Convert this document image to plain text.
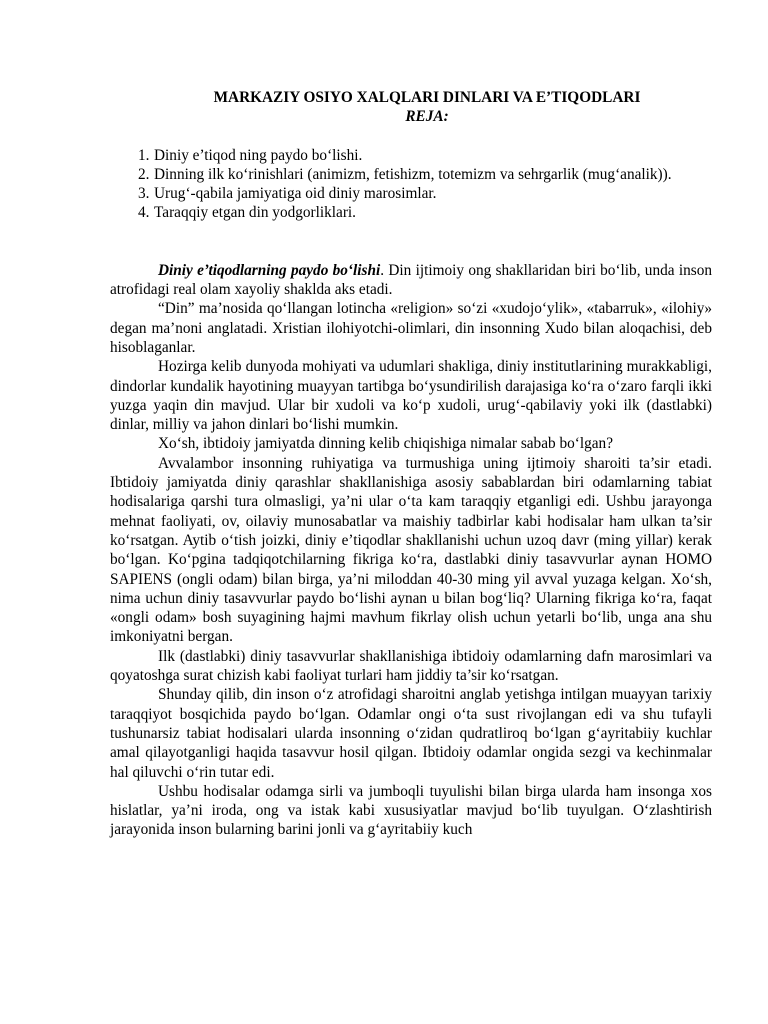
MARKAZIY OSIYO XALQLARI DINLARI VA E’TIQODLARI

REJA:

1. Diniy e’tiqod ning paydo bo‘lishi.
2. Dinning ilk ko‘rinishlari (animizm, fetishizm, totemizm va sehrgarlik (mug‘analik)).
3. Urug‘-qabila jamiyatiga oid diniy marosimlar.
4. Taraqqiy etgan din yodgorliklari.

Diniy e’tiqodlarning paydo bo‘lishi. Din ijtimoiy ong shakllaridan biri bo‘lib, unda inson atrofidagi real olam xayoliy shaklda aks etadi.

“Din” ma’nosida qo‘llangan lotincha «religion» so‘zi «xudojo‘ylik», «tabarruk», «ilohiy» degan ma’noni anglatadi. Xristian ilohiyotchi-olimlari, din insonning Xudo bilan aloqachisi, deb hisoblaganlar.

Hozirga kelib dunyoda mohiyati va udumlari shakliga, diniy institutlarining murakkabligi, dindorlar kundalik hayotining muayyan tartibga bo‘ysundirilish darajasiga ko‘ra o‘zaro farqli ikki yuzga yaqin din mavjud. Ular bir xudoli va ko‘p xudoli, urug‘-qabilaviy yoki ilk (dastlabki) dinlar, milliy va jahon dinlari bo‘lishi mumkin.

Xo‘sh, ibtidoiy jamiyatda dinning kelib chiqishiga nimalar sabab bo‘lgan?

Avvalambor insonning ruhiyatiga va turmushiga uning ijtimoiy sharoiti ta’sir etadi. Ibtidoiy jamiyatda diniy qarashlar shakllanishiga asosiy sabablardan biri odamlarning tabiat hodisalariga qarshi tura olmasligi, ya’ni ular o‘ta kam taraqqiy etganligi edi. Ushbu jarayonga mehnat faoliyati, ov, oilaviy munosabatlar va maishiy tadbirlar kabi hodisalar ham ulkan ta’sir ko‘rsatgan. Aytib o‘tish joizki, diniy e’tiqodlar shakllanishi uchun uzoq davr (ming yillar) kerak bo‘lgan. Ko‘pgina tadqiqotchilarning fikriga ko‘ra, dastlabki diniy tasavvurlar aynan HOMO SAPIENS (ongli odam) bilan birga, ya’ni miloddan 40-30 ming yil avval yuzaga kelgan. Xo‘sh, nima uchun diniy tasavvurlar paydo bo‘lishi aynan u bilan bog‘liq? Ularning fikriga ko‘ra, faqat «ongli odam» bosh suyagining hajmi mavhum fikrlay olish uchun yetarli bo‘lib, unga ana shu imkoniyatni bergan.

Ilk (dastlabki) diniy tasavvurlar shakllanishiga ibtidoiy odamlarning dafn marosimlari va qoyatoshga surat chizish kabi faoliyat turlari ham jiddiy ta’sir ko‘rsatgan.

Shunday qilib, din inson o‘z atrofidagi sharoitni anglab yetishga intilgan muayyan tarixiy taraqqiyot bosqichida paydo bo‘lgan. Odamlar ongi o‘ta sust rivojlangan edi va shu tufayli tushunarsiz tabiat hodisalari ularda insonning o‘zidan qudratliroq bo‘lgan g‘ayritabiiy kuchlar amal qilayotganligi haqida tasavvur hosil qilgan. Ibtidoiy odamlar ongida sezgi va kechinmalar hal qiluvchi o‘rin tutar edi.

Ushbu hodisalar odamga sirli va jumboqli tuyulishi bilan birga ularda ham insonga xos hislatlar, ya’ni iroda, ong va istak kabi xususiyatlar mavjud bo‘lib tuyulgan. O‘zlashtirish jarayonida inson bularning barini jonli va g‘ayritabiiy kuch
